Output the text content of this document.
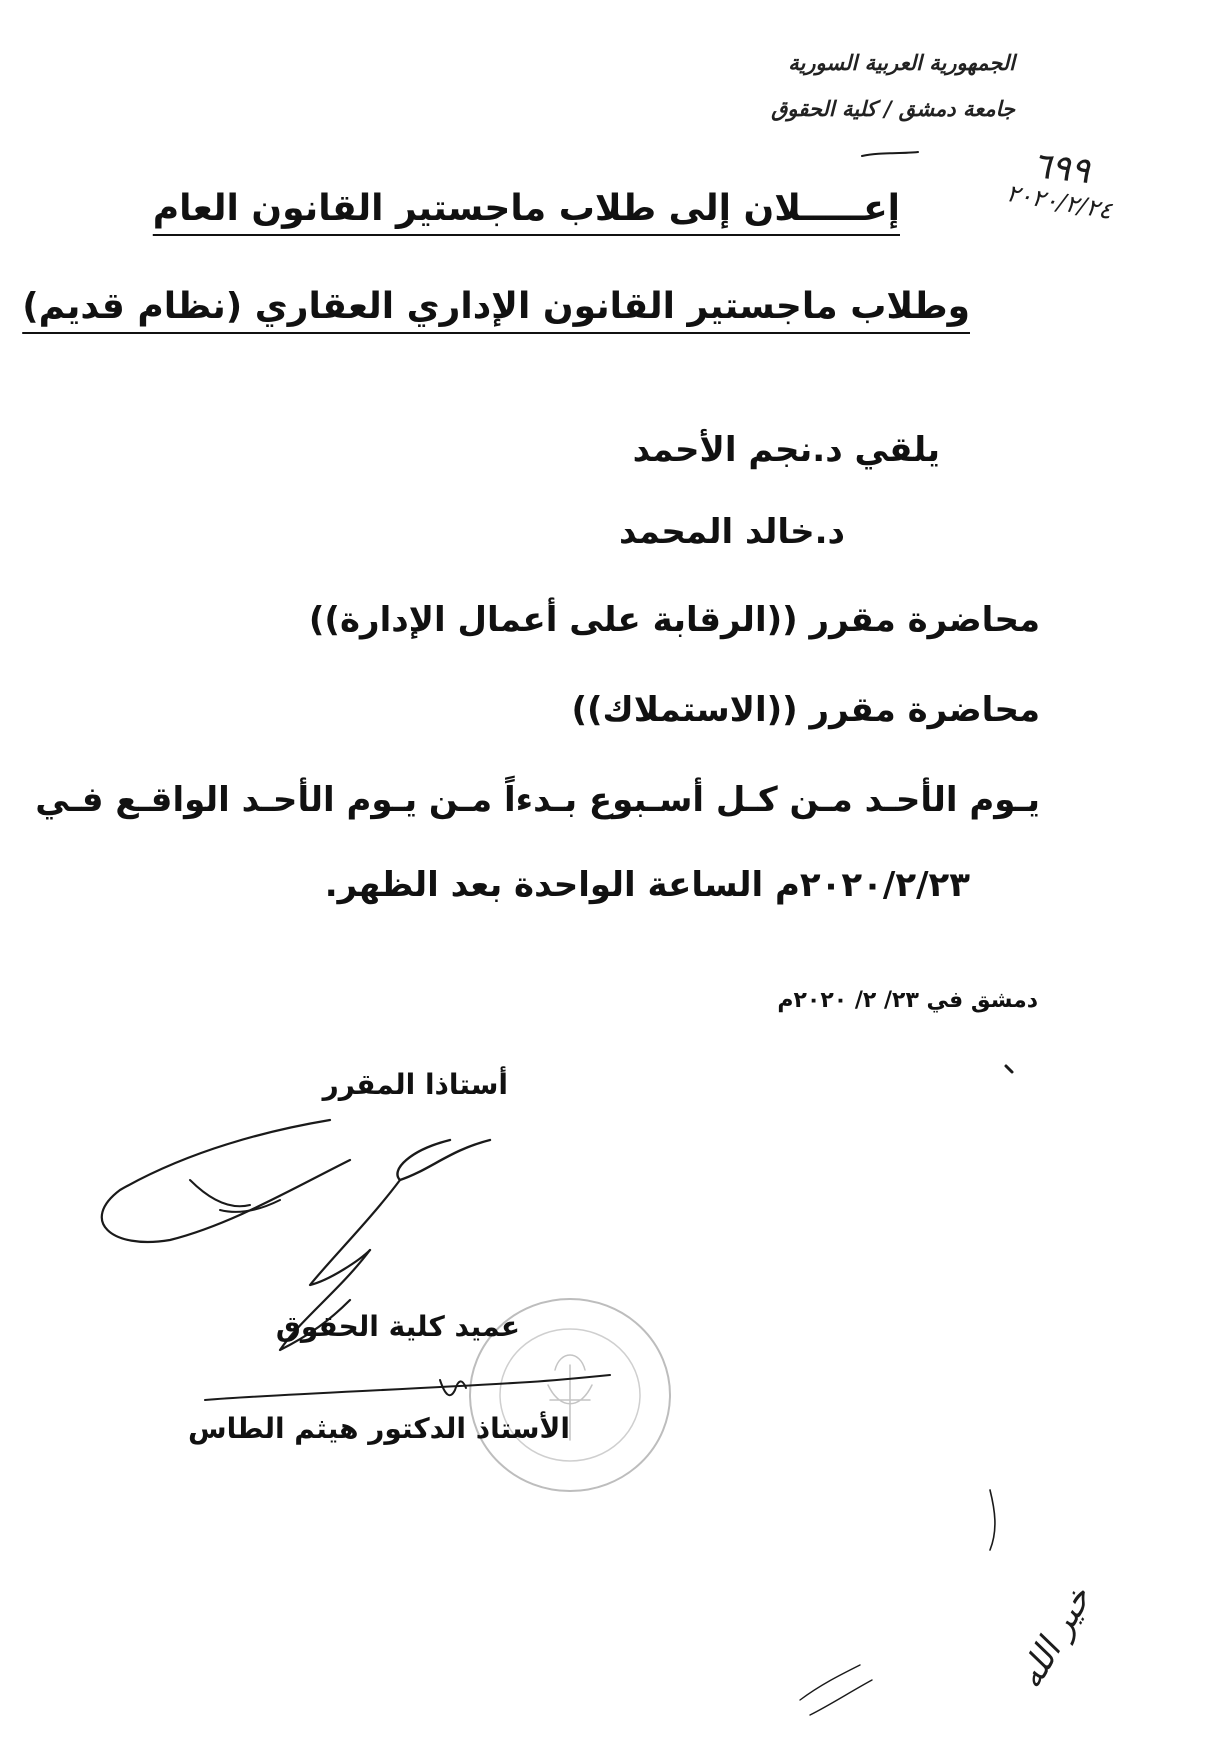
الجمهورية العربية السورية

جامعة دمشق / كلية الحقوق

٦٩٩

٢٠٢٠/٢/٢٤

إعـــــلان إلى طلاب ماجستير القانون العام

وطلاب ماجستير القانون الإداري العقاري (نظام قديم)

يلقي د.نجم الأحمد

د.خالد المحمد

محاضرة مقرر ((الرقابة على أعمال الإدارة))

محاضرة مقرر ((الاستملاك))

يـوم الأحـد مـن كـل أسـبوع بـدءاً مـن يـوم الأحـد الواقـع فـي

٢٠٢٠/٢/٢٣م الساعة الواحدة بعد الظهر.

دمشق في ٢٣/ ٢/ ٢٠٢٠م

أستاذا المقرر

عميد كلية الحقوق

الأستاذ الدكتور هيثم الطاس

خير الله
